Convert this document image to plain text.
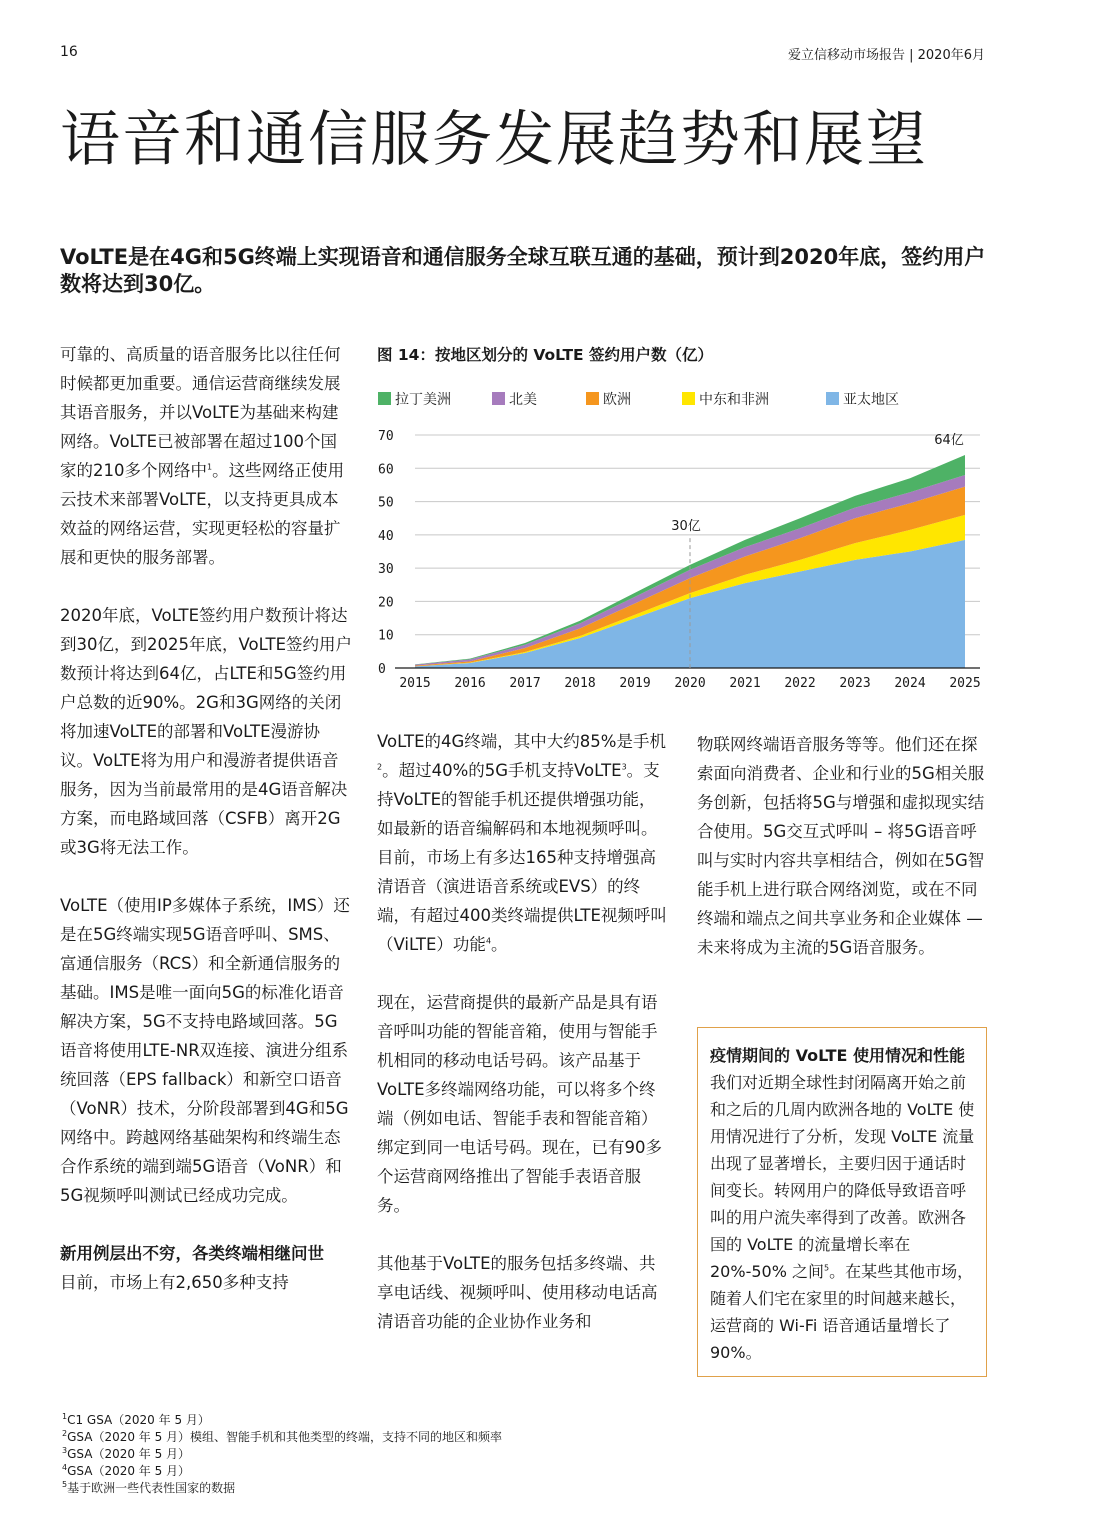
16	爱立信移动市场报告 | 2020年6月
语音和通信服务发展趋势和展望
VoLTE是在4G和5G终端上实现语音和通信服务全球互联互通的基础，预计到2020年底，签约用户数将达到30亿。

可靠的、高质量的语音服务比以往任何时候都更加重要。通信运营商继续发展其语音服务，并以VoLTE为基础来构建网络。VoLTE已被部署在超过100个国家的210多个网络中$^1$。这些网络正使用云技术来部署VoLTE，以支持更具成本效益的网络运营，实现更轻松的容量扩展和更快的服务部署。

2020年底，VoLTE签约用户数预计将达到30亿，到2025年底，VoLTE签约用户数预计将达到64亿，占LTE和5G签约用户总数的近90%。2G和3G网络的关闭将加速VoLTE的部署和VoLTE漫游协议。VoLTE将为用户和漫游者提供语音服务，因为当前最常用的是4G语音解决方案，而电路域回落（CSFB）离开2G或3G将无法工作。

VoLTE（使用IP多媒体子系统，IMS）还是在5G终端实现5G语音呼叫、SMS、富通信服务（RCS）和全新通信服务的基础。IMS是唯一面向5G的标准化语音解决方案，5G不支持电路域回落。5G语音将使用LTE-NR双连接、演进分组系统回落（EPS fallback）和新空口语音（VoNR）技术，分阶段部署到4G和5G网络中。跨越网络基础架构和终端生态合作系统的端到端5G语音（VoNR）和5G视频呼叫测试已经成功完成。

新用例层出不穷，各类终端相继问世

目前，市场上有2,650多种支持

图 14：按地区划分的 VoLTE 签约用户数（亿）
拉丁美洲	北美	欧洲	中东和非洲	亚太地区
0
10
20
30
40
50
60
70
2015 2016 2017 2018 2019 2020 2021 2022 2023 2024 2025
30亿
64亿

VoLTE的4G终端，其中大约85%是手机$^2$。超过40%的5G手机支持VoLTE$^3$。支持VoLTE的智能手机还提供增强功能，如最新的语音编解码和本地视频呼叫。目前，市场上有多达165种支持增强高清语音（演进语音系统或EVS）的终端，有超过400类终端提供LTE视频呼叫（ViLTE）功能$^4$。

现在，运营商提供的最新产品是具有语音呼叫功能的智能音箱，使用与智能手机相同的移动电话号码。该产品基于VoLTE多终端网络功能，可以将多个终端（例如电话、智能手表和智能音箱）绑定到同一电话号码。现在，已有90多个运营商网络推出了智能手表语音服务。

其他基于VoLTE的服务包括多终端、共享电话线、视频呼叫、使用移动电话高清语音功能的企业协作业务和

物联网终端语音服务等等。他们还在探索面向消费者、企业和行业的5G相关服务创新，包括将5G与增强和虚拟现实结合使用。5G交互式呼叫 – 将5G语音呼叫与实时内容共享相结合，例如在5G智能手机上进行联合网络浏览，或在不同终端和端点之间共享业务和企业媒体 — 未来将成为主流的5G语音服务。

疫情期间的 VoLTE 使用情况和性能

我们对近期全球性封闭隔离开始之前和之后的几周内欧洲各地的 VoLTE 使用情况进行了分析，发现 VoLTE 流量出现了显著增长，主要归因于通话时间变长。转网用户的降低导致语音呼叫的用户流失率得到了改善。欧洲各国的 VoLTE 的流量增长率在 20%-50% 之间$^5$。在某些其他市场，随着人们宅在家里的时间越来越长，运营商的 Wi-Fi 语音通话量增长了 90%。

$^1$C1 GSA（2020 年 5 月）
$^2$GSA（2020 年 5 月）模组、智能手机和其他类型的终端，支持不同的地区和频率
$^3$GSA（2020 年 5 月）
$^4$GSA（2020 年 5 月）
$^5$基于欧洲一些代表性国家的数据
